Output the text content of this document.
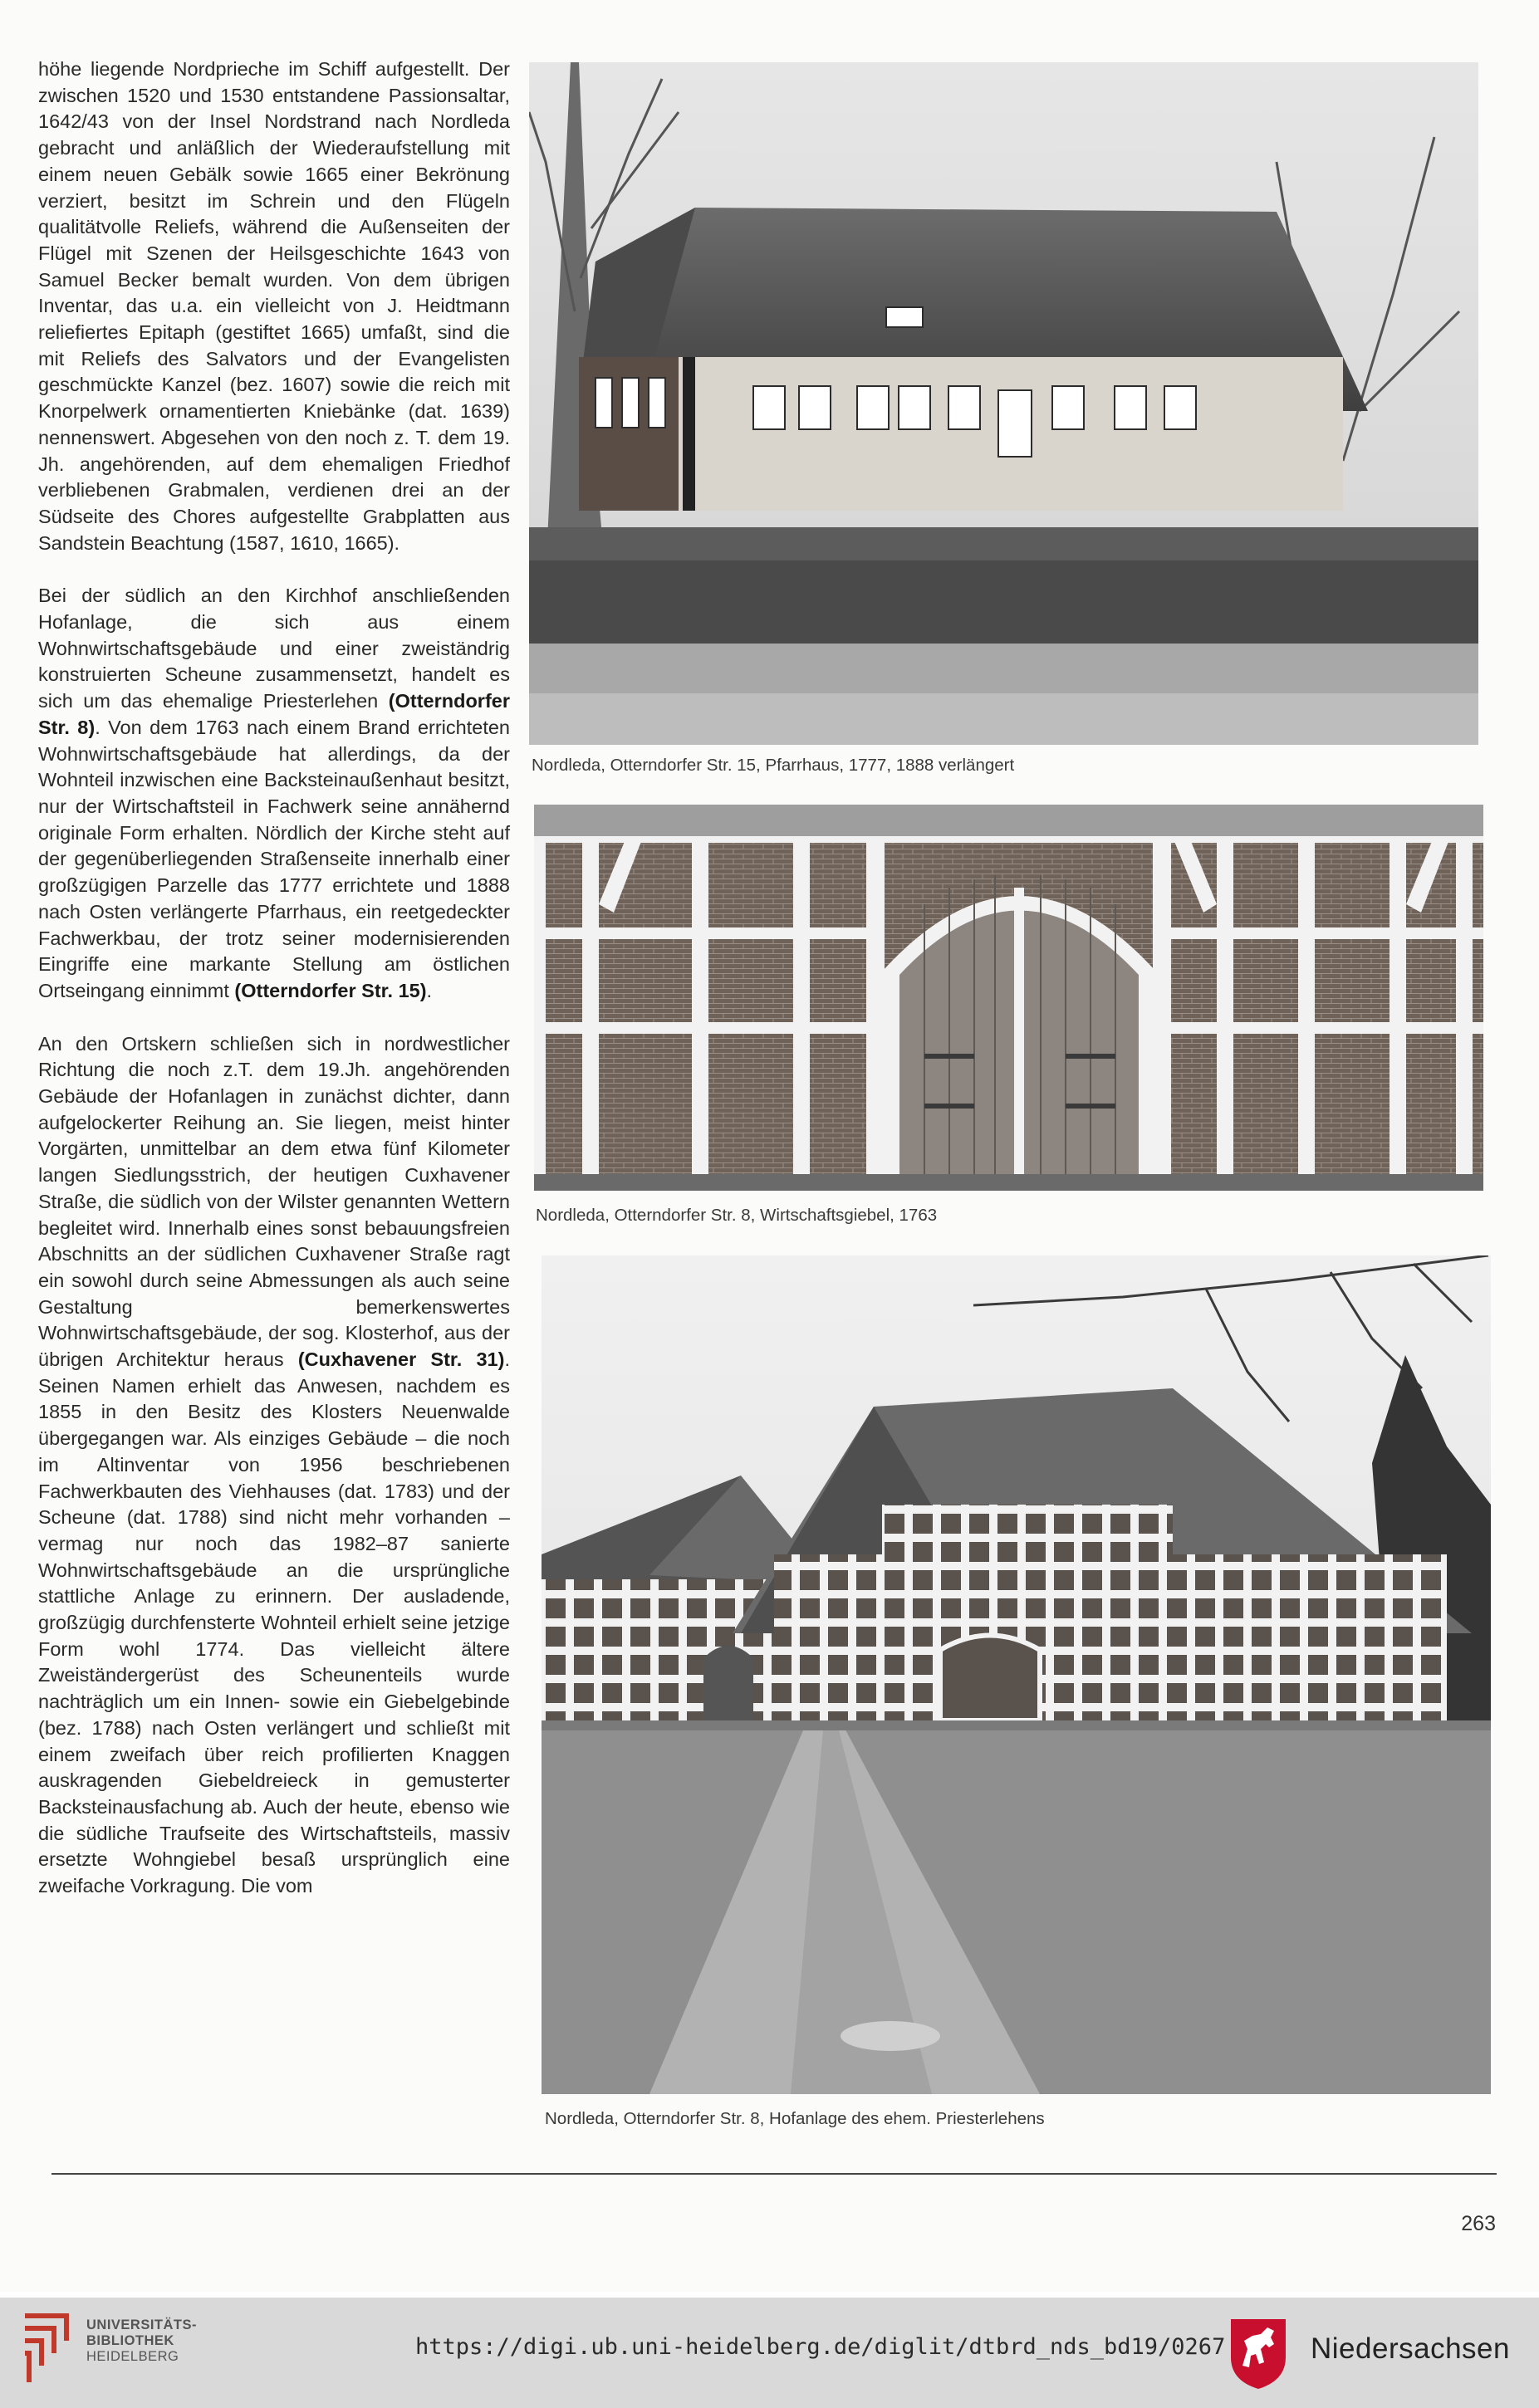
höhe liegende Nordprieche im Schiff aufgestellt. Der zwischen 1520 und 1530 entstandene Passionsaltar, 1642/43 von der Insel Nordstrand nach Nordleda gebracht und anläßlich der Wiederaufstellung mit einem neuen Gebälk sowie 1665 einer Bekrönung verziert, besitzt im Schrein und den Flügeln qualitätvolle Reliefs, während die Außenseiten der Flügel mit Szenen der Heilsgeschichte 1643 von Samuel Becker bemalt wurden. Von dem übrigen Inventar, das u.a. ein vielleicht von J. Heidtmann reliefiertes Epitaph (gestiftet 1665) umfaßt, sind die mit Reliefs des Salvators und der Evangelisten geschmückte Kanzel (bez. 1607) sowie die reich mit Knorpelwerk ornamentierten Kniebänke (dat. 1639) nennenswert. Abgesehen von den noch z. T. dem 19. Jh. angehörenden, auf dem ehemaligen Friedhof verbliebenen Grabmalen, verdienen drei an der Südseite des Chores aufgestellte Grabplatten aus Sandstein Beachtung (1587, 1610, 1665).

Bei der südlich an den Kirchhof anschließenden Hofanlage, die sich aus einem Wohnwirtschaftsgebäude und einer zweiständrig konstruierten Scheune zusammensetzt, handelt es sich um das ehemalige Priesterlehen (Otterndorfer Str. 8). Von dem 1763 nach einem Brand errichteten Wohnwirtschaftsgebäude hat allerdings, da der Wohnteil inzwischen eine Backsteinaußenhaut besitzt, nur der Wirtschaftsteil in Fachwerk seine annähernd originale Form erhalten. Nördlich der Kirche steht auf der gegenüberliegenden Straßenseite innerhalb einer großzügigen Parzelle das 1777 errichtete und 1888 nach Osten verlängerte Pfarrhaus, ein reetgedeckter Fachwerkbau, der trotz seiner modernisierenden Eingriffe eine markante Stellung am östlichen Ortseingang einnimmt (Otterndorfer Str. 15).

An den Ortskern schließen sich in nordwestlicher Richtung die noch z.T. dem 19.Jh. angehörenden Gebäude der Hofanlagen in zunächst dichter, dann aufgelockerter Reihung an. Sie liegen, meist hinter Vorgärten, unmittelbar an dem etwa fünf Kilometer langen Siedlungsstrich, der heutigen Cuxhavener Straße, die südlich von der Wilster genannten Wettern begleitet wird. Innerhalb eines sonst bebauungsfreien Abschnitts an der südlichen Cuxhavener Straße ragt ein sowohl durch seine Abmessungen als auch seine Gestaltung bemerkenswertes Wohnwirtschaftsgebäude, der sog. Klosterhof, aus der übrigen Architektur heraus (Cuxhavener Str. 31). Seinen Namen erhielt das Anwesen, nachdem es 1855 in den Besitz des Klosters Neuenwalde übergegangen war. Als einziges Gebäude – die noch im Altinventar von 1956 beschriebenen Fachwerkbauten des Viehhauses (dat. 1783) und der Scheune (dat. 1788) sind nicht mehr vorhanden – vermag nur noch das 1982–87 sanierte Wohnwirtschaftsgebäude an die ursprüngliche stattliche Anlage zu erinnern. Der ausladende, großzügig durchfensterte Wohnteil erhielt seine jetzige Form wohl 1774. Das vielleicht ältere Zweiständergerüst des Scheunenteils wurde nachträglich um ein Innen- sowie ein Giebelgebinde (bez. 1788) nach Osten verlängert und schließt mit einem zweifach über reich profilierten Knaggen auskragenden Giebeldreieck in gemusterter Backsteinausfachung ab. Auch der heute, ebenso wie die südliche Traufseite des Wirtschaftsteils, massiv ersetzte Wohngiebel besaß ursprünglich eine zweifache Vorkragung. Die vom

Nordleda, Otterndorfer Str. 15, Pfarrhaus, 1777, 1888 verlängert
Nordleda, Otterndorfer Str. 8, Wirtschaftsgiebel, 1763
Nordleda, Otterndorfer Str. 8, Hofanlage des ehem. Priesterlehens
263
UNIVERSITÄTS-
BIBLIOTHEK
HEIDELBERG	https://digi.ub.uni-heidelberg.de/diglit/dtbrd_nds_bd19/0267	Niedersachsen
